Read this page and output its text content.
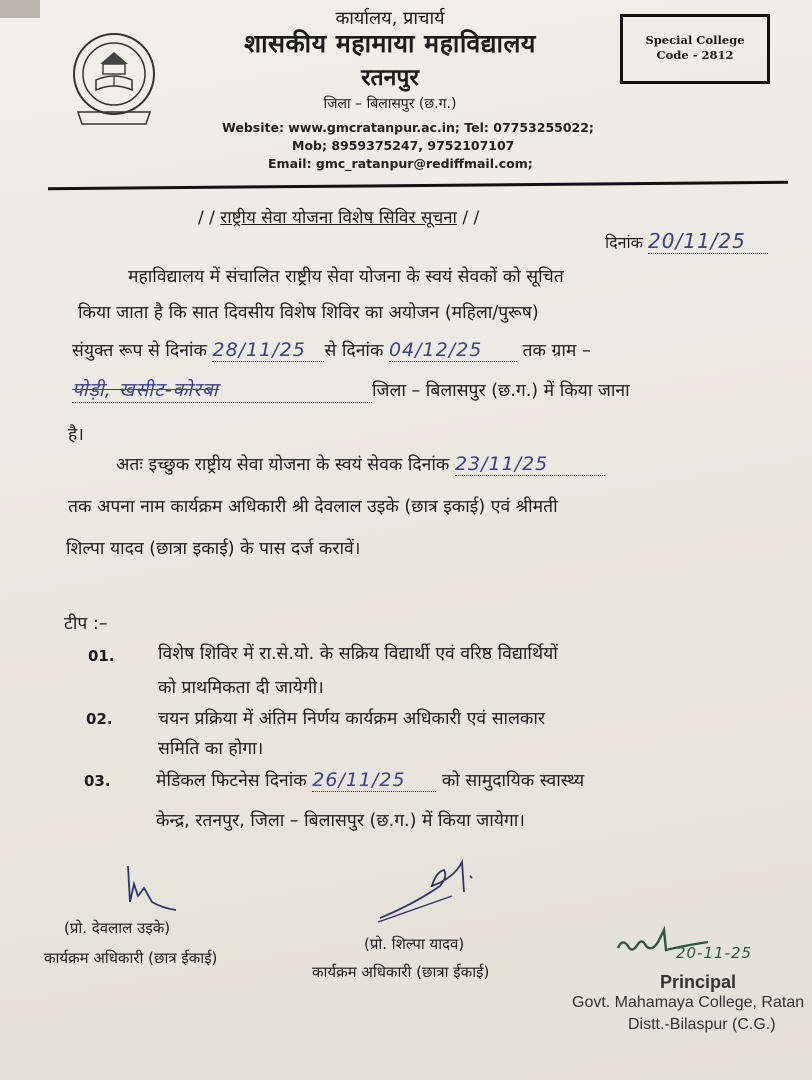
कार्यालय, प्राचार्य
शासकीय महामाया महाविद्यालय
रतनपुर
जिला – बिलासपुर (छ.ग.)
Website: www.gmcratanpur.ac.in; Tel: 07753255022;
Mob; 8959375247, 9752107107
Email: gmc_ratanpur@rediffmail.com;
Special College
Code - 2812
/ / राष्ट्रीय सेवा योजना विशेष सिविर सूचना / /
दिनांक 20/11/25
महाविद्यालय में संचालित राष्ट्रीय सेवा योजना के स्वयं सेवकों को सूचित
किया जाता है कि सात दिवसीय विशेष शिविर का अयोजन (महिला/पुरूष)
संयुक्त रूप से दिनांक 28/11/25 से दिनांक 04/12/25 तक ग्राम –
पोड़ी, खसीट-कोरबा	जिला – बिलासपुर (छ.ग.) में किया जाना
है।
अतः इच्छुक राष्ट्रीय सेवा योजना के स्वयं सेवक दिनांक 23/11/25
तक अपना नाम कार्यक्रम अधिकारी श्री देवलाल उइके (छात्र इकाई) एवं श्रीमती
शिल्पा यादव (छात्रा इकाई) के पास दर्ज करावें।
टीप :–
01. विशेष शिविर में रा.से.यो. के सक्रिय विद्यार्थी एवं वरिष्ठ विद्यार्थियों
को प्राथमिकता दी जायेगी।
02.	चयन प्रक्रिया में अंतिम निर्णय कार्यक्रम अधिकारी एवं सालकार
समिति का होगा।
03.	मेडिकल फिटनेस दिनांक 26/11/25 को सामुदायिक स्वास्थ्य
केन्द्र, रतनपुर, जिला – बिलासपुर (छ.ग.) में किया जायेगा।
(प्रो. देवलाल उइके)
कार्यक्रम अधिकारी (छात्र ईकाई)
(प्रो. शिल्पा यादव)
कार्यक्रम अधिकारी (छात्रा ईकाई)
20-11-25
Principal
Govt. Mahamaya College, Ratan
Distt.-Bilaspur (C.G.)
